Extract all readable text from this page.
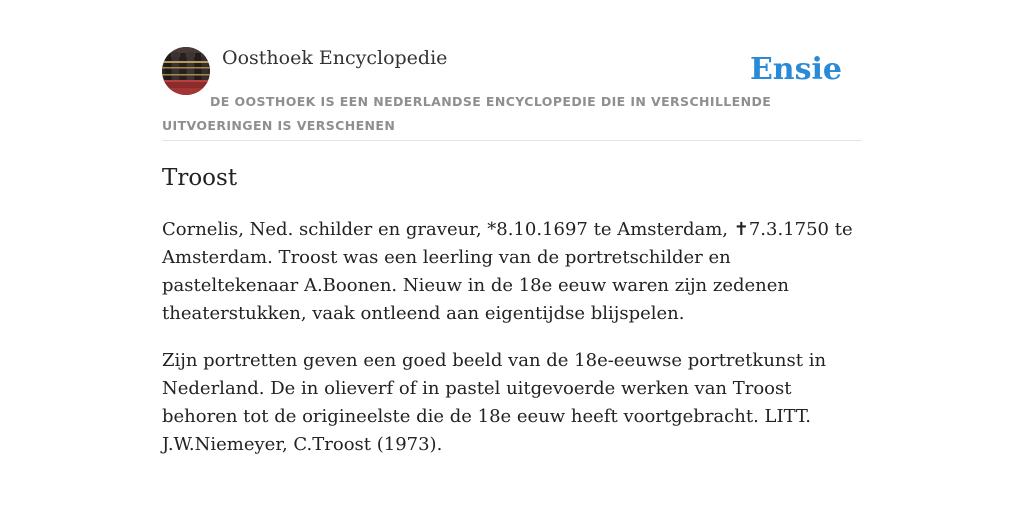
Oosthoek Encyclopedie	Ensie
DE OOSTHOEK IS EEN NEDERLANDSE ENCYCLOPEDIE DIE IN VERSCHILLENDE UITVOERINGEN IS VERSCHENEN
Troost

Cornelis, Ned. schilder en graveur, *8.10.1697 te Amsterdam, ✝7.3.1750 te Amsterdam. Troost was een leerling van de portretschilder en pasteltekenaar A.Boonen. Nieuw in de 18e eeuw waren zijn zedenen theaterstukken, vaak ontleend aan eigentijdse blijspelen.

Zijn portretten geven een goed beeld van de 18e-eeuwse portretkunst in Nederland. De in olieverf of in pastel uitgevoerde werken van Troost behoren tot de origineelste die de 18e eeuw heeft voortgebracht. LITT. J.W.Niemeyer, C.Troost (1973).
